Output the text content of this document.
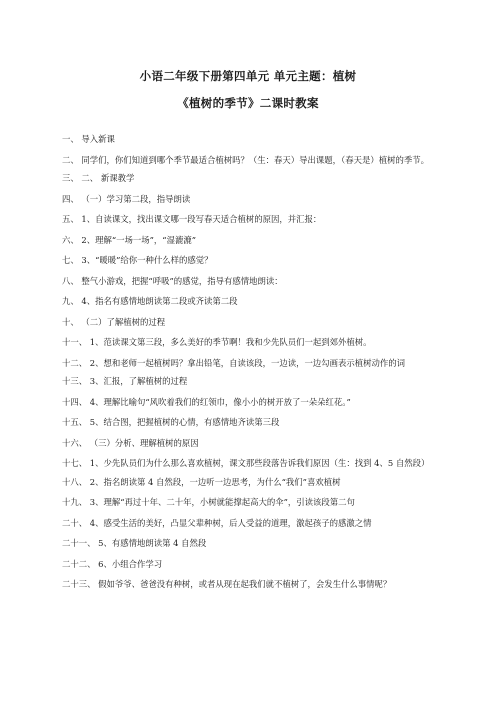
小语二年级下册第四单元 单元主题：植树
《植树的季节》二课时教案

一、 导入新课

二、 同学们，你们知道到哪个季节最适合植树吗？（生：春天）导出课题，（春天是）植树的季节。

三、 二、 新课教学

四、 （一）学习第二段，指导朗读

五、 1、自读课文，找出课文哪一段写春天适合植树的原因，并汇报：

六、 2、理解“一场一场”，“湿漉漉”

七、 3、“暖暖”给你一种什么样的感觉？

八、 整气小游戏，把握“呼吸”的感觉，指导有感情地朗读：

九、 4、指名有感情地朗读第二段或齐读第二段

十、 （二）了解植树的过程

十一、 1、范读课文第三段，多么美好的季节啊！我和少先队员们一起到郊外植树。

十二、 2、想和老师一起植树吗？拿出铅笔，自读该段，一边读，一边勾画表示植树动作的词

十三、 3、汇报，了解植树的过程

十四、 4、理解比喻句“风吹着我们的红领巾，像小小的树开放了一朵朵红花。”

十五、 5、结合图，把握植树的心情，有感情地齐读第三段

十六、 （三）分析、理解植树的原因

十七、 1、少先队员们为什么那么喜欢植树，课文那些段落告诉我们原因（生：找到 4、5 自然段）

十八、 2、指名朗读第 4 自然段，一边听一边思考，为什么“我们”喜欢植树

十九、 3、理解“再过十年、二十年，小树就能撑起高大的伞”，引读该段第二句

二十、 4、感受生活的美好，凸显父辈种树，后人受益的道理，激起孩子的感激之情

二十一、 5、有感情地朗读第 4 自然段

二十二、 6、小组合作学习

二十三、 假如爷爷、爸爸没有种树，或者从现在起我们就不植树了，会发生什么事情呢？
